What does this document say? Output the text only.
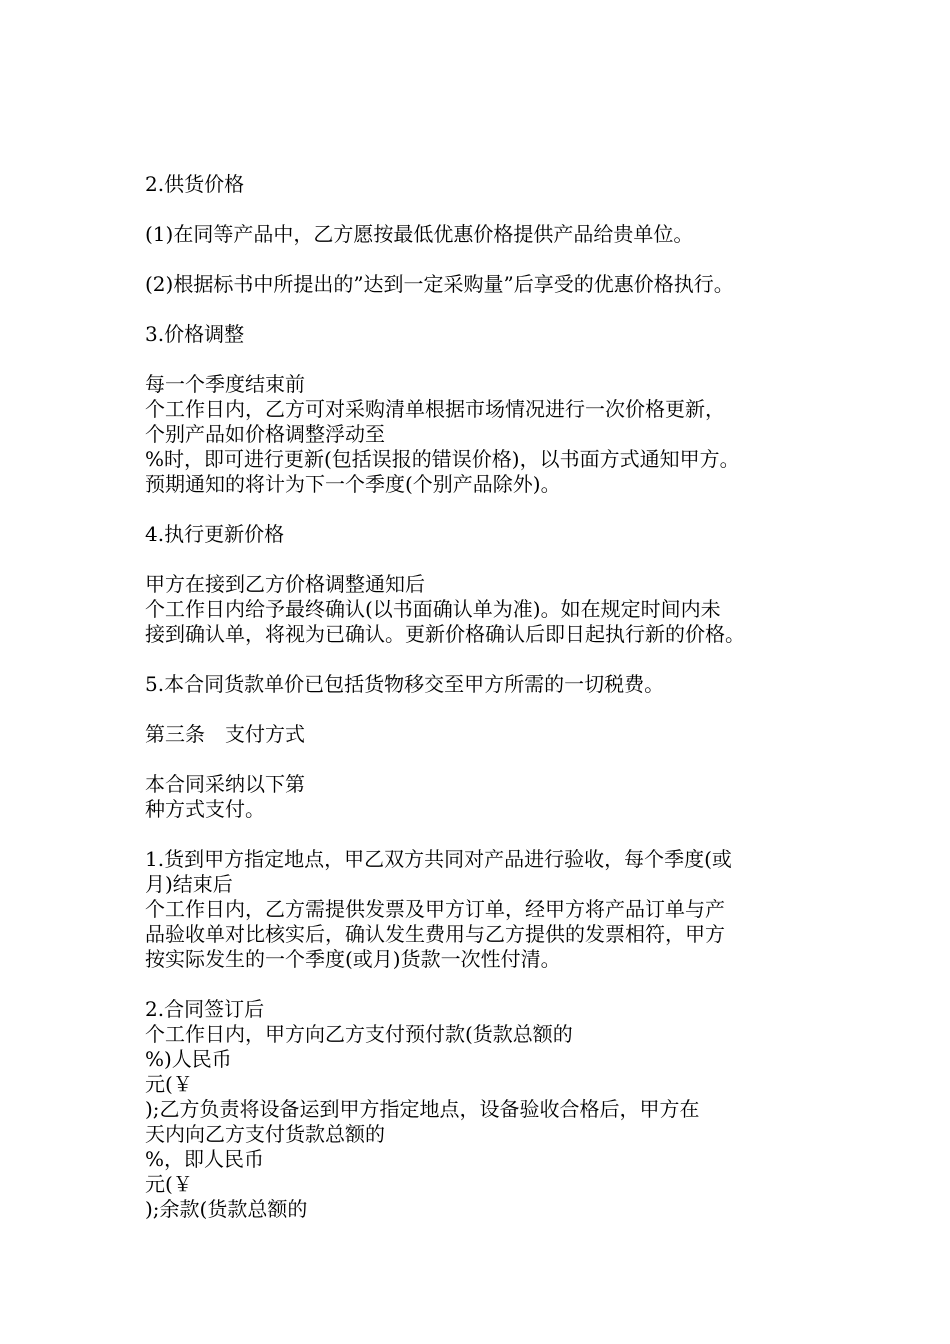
2.供货价格
(1)在同等产品中，乙方愿按最低优惠价格提供产品给贵单位。
(2)根据标书中所提出的”达到一定采购量”后享受的优惠价格执行。
3.价格调整
每一个季度结束前
个工作日内，乙方可对采购清单根据市场情况进行一次价格更新，
个别产品如价格调整浮动至
%时，即可进行更新(包括误报的错误价格)，以书面方式通知甲方。
预期通知的将计为下一个季度(个别产品除外)。
4.执行更新价格
甲方在接到乙方价格调整通知后
个工作日内给予最终确认(以书面确认单为准)。如在规定时间内未
接到确认单，将视为已确认。更新价格确认后即日起执行新的价格。
5.本合同货款单价已包括货物移交至甲方所需的一切税费。
第三条　支付方式
本合同采纳以下第
种方式支付。
1.货到甲方指定地点，甲乙双方共同对产品进行验收，每个季度(或
月)结束后
个工作日内，乙方需提供发票及甲方订单，经甲方将产品订单与产
品验收单对比核实后，确认发生费用与乙方提供的发票相符，甲方
按实际发生的一个季度(或月)货款一次性付清。
2.合同签订后
个工作日内，甲方向乙方支付预付款(货款总额的
%)人民币
元(￥
);乙方负责将设备运到甲方指定地点，设备验收合格后，甲方在
天内向乙方支付货款总额的
%，即人民币
元(￥
);余款(货款总额的
